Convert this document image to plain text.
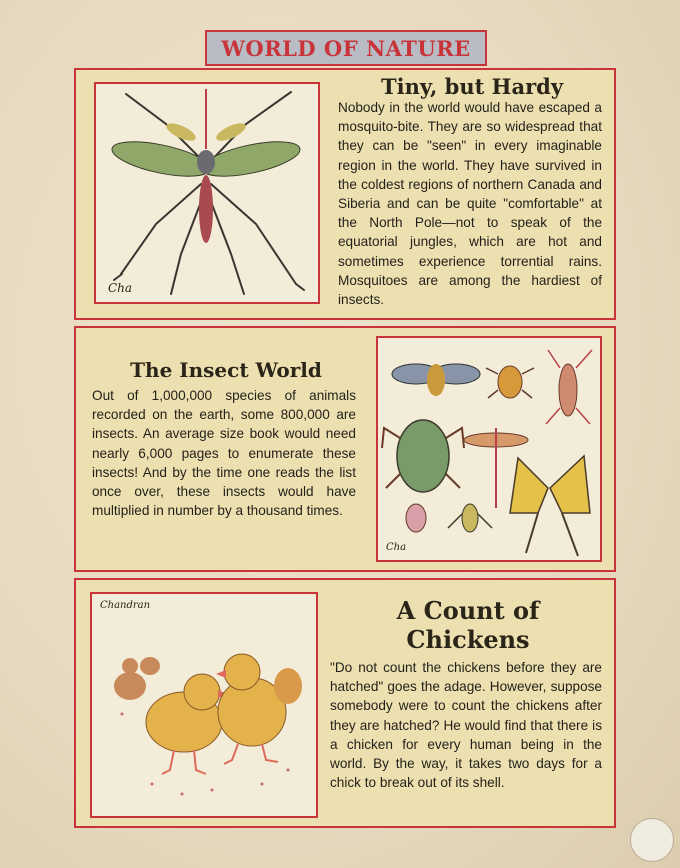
WORLD OF NATURE
Cha
Tiny, but Hardy
Nobody in the world would have escaped a mosquito-bite. They are so widespread that they can be "seen" in every imaginable region in the world. They have survived in the coldest regions of northern Canada and Siberia and can be quite "comfortable" at the North Pole—not to speak of the equatorial jungles, which are hot and sometimes experience torrential rains. Mosquitoes are among the hardiest of insects.
The Insect World
Out of 1,000,000 species of animals recorded on the earth, some 800,000 are insects. An average size book would need nearly 6,000 pages to enumerate these insects! And by the time one reads the list once over, these insects would have multiplied in number by a thousand times.
Cha
Chandran	A Count of
Chickens
"Do not count the chickens before they are hatched" goes the adage. However, suppose somebody were to count the chickens after they are hatched? He would find that there is a chicken for every human being in the world. By the way, it takes two days for a chick to break out of its shell.
